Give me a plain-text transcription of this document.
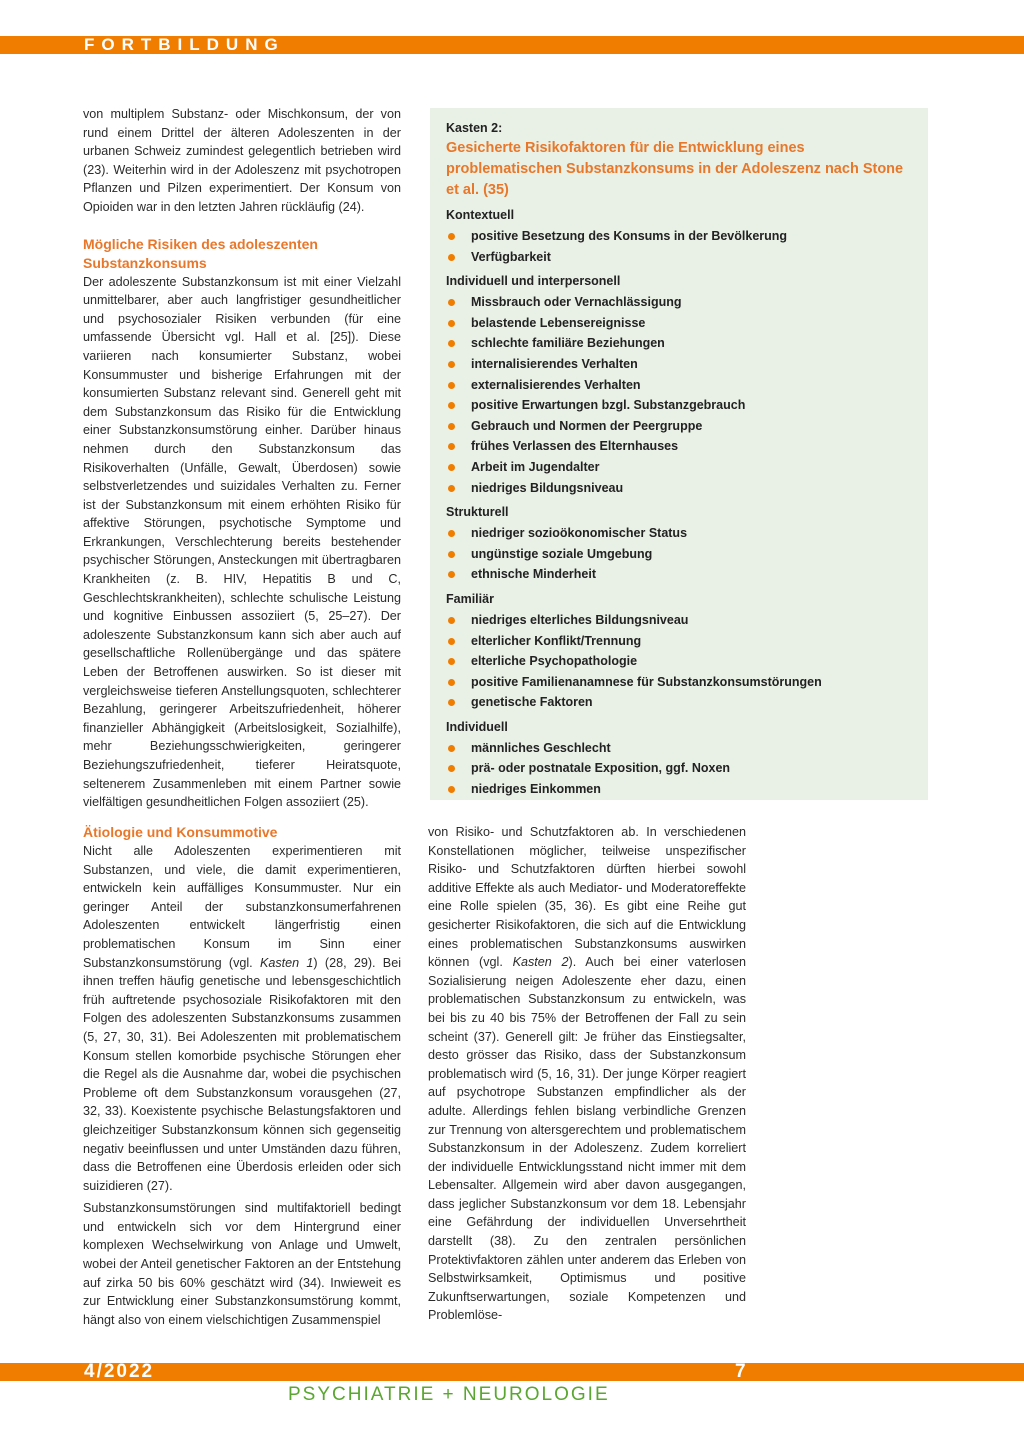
FORTBILDUNG

von multiplem Substanz- oder Mischkonsum, der von rund einem Drittel der älteren Adoleszenten in der urbanen Schweiz zumindest gelegentlich betrieben wird (23). Weiterhin wird in der Adoleszenz mit psychotropen Pflanzen und Pilzen experimentiert. Der Konsum von Opioiden war in den letzten Jahren rückläufig (24).

Mögliche Risiken des adoleszenten Substanzkonsums

Der adoleszente Substanzkonsum ist mit einer Vielzahl unmittelbarer, aber auch langfristiger gesundheitlicher und psychosozialer Risiken verbunden (für eine umfassende Übersicht vgl. Hall et al. [25]). Diese variieren nach konsumierter Substanz, wobei Konsummuster und bisherige Erfahrungen mit der konsumierten Substanz relevant sind. Generell geht mit dem Substanzkonsum das Risiko für die Entwicklung einer Substanzkonsumstörung einher. Darüber hinaus nehmen durch den Substanzkonsum das Risikoverhalten (Unfälle, Gewalt, Überdosen) sowie selbstverletzendes und suizidales Verhalten zu. Ferner ist der Substanzkonsum mit einem erhöhten Risiko für affektive Störungen, psychotische Symptome und Erkrankungen, Verschlechterung bereits bestehender psychischer Störungen, Ansteckungen mit übertragbaren Krankheiten (z. B. HIV, Hepatitis B und C, Geschlechtskrankheiten), schlechte schulische Leistung und kognitive Einbussen assoziiert (5, 25–27). Der adoleszente Substanzkonsum kann sich aber auch auf gesellschaftliche Rollenübergänge und das spätere Leben der Betroffenen auswirken. So ist dieser mit vergleichsweise tieferen Anstellungsquoten, schlechterer Bezahlung, geringerer Arbeitszufriedenheit, höherer finanzieller Abhängigkeit (Arbeitslosigkeit, Sozialhilfe), mehr Beziehungsschwierigkeiten, geringerer Beziehungszufriedenheit, tieferer Heiratsquote, seltenerem Zusammenleben mit einem Partner sowie vielfältigen gesundheitlichen Folgen assoziiert (25).

Kasten 2:
Gesicherte Risikofaktoren für die Entwicklung eines problematischen Substanzkonsums in der Adoleszenz nach Stone et al. (35)
Kontextuell
positive Besetzung des Konsums in der Bevölkerung
Verfügbarkeit
Individuell und interpersonell
Missbrauch oder Vernachlässigung
belastende Lebensereignisse
schlechte familiäre Beziehungen
internalisierendes Verhalten
externalisierendes Verhalten
positive Erwartungen bzgl. Substanzgebrauch
Gebrauch und Normen der Peergruppe
frühes Verlassen des Elternhauses
Arbeit im Jugendalter
niedriges Bildungsniveau
Strukturell
niedriger sozioökonomischer Status
ungünstige soziale Umgebung
ethnische Minderheit
Familiär
niedriges elterliches Bildungsniveau
elterlicher Konflikt/Trennung
elterliche Psychopathologie
positive Familienanamnese für Substanzkonsumstörungen
genetische Faktoren
Individuell
männliches Geschlecht
prä- oder postnatale Exposition, ggf. Noxen
niedriges Einkommen
Ätiologie und Konsummotive

Nicht alle Adoleszenten experimentieren mit Substanzen, und viele, die damit experimentieren, entwickeln kein auffälliges Konsummuster. Nur ein geringer Anteil der substanzkonsumerfahrenen Adoleszenten entwickelt längerfristig einen problematischen Konsum im Sinn einer Substanzkonsumstörung (vgl. Kasten 1) (28, 29). Bei ihnen treffen häufig genetische und lebensgeschichtlich früh auftretende psychosoziale Risikofaktoren mit den Folgen des adoleszenten Substanzkonsums zusammen (5, 27, 30, 31). Bei Adoleszenten mit problematischem Konsum stellen komorbide psychische Störungen eher die Regel als die Ausnahme dar, wobei die psychischen Probleme oft dem Substanzkonsum vorausgehen (27, 32, 33). Koexistente psychische Belastungsfaktoren und gleichzeitiger Substanzkonsum können sich gegenseitig negativ beeinflussen und unter Umständen dazu führen, dass die Betroffenen eine Überdosis erleiden oder sich suizidieren (27).

Substanzkonsumstörungen sind multifaktoriell bedingt und entwickeln sich vor dem Hintergrund einer komplexen Wechselwirkung von Anlage und Umwelt, wobei der Anteil genetischer Faktoren an der Entstehung auf zirka 50 bis 60% geschätzt wird (34). Inwieweit es zur Entwicklung einer Substanzkonsumstörung kommt, hängt also von einem vielschichtigen Zusammenspiel

von Risiko- und Schutzfaktoren ab. In verschiedenen Konstellationen möglicher, teilweise unspezifischer Risiko- und Schutzfaktoren dürften hierbei sowohl additive Effekte als auch Mediator- und Moderatoreffekte eine Rolle spielen (35, 36). Es gibt eine Reihe gut gesicherter Risikofaktoren, die sich auf die Entwicklung eines problematischen Substanzkonsums auswirken können (vgl. Kasten 2). Auch bei einer vaterlosen Sozialisierung neigen Adoleszente eher dazu, einen problematischen Substanzkonsum zu entwickeln, was bei bis zu 40 bis 75% der Betroffenen der Fall zu sein scheint (37). Generell gilt: Je früher das Einstiegsalter, desto grösser das Risiko, dass der Substanzkonsum problematisch wird (5, 16, 31). Der junge Körper reagiert auf psychotrope Substanzen empfindlicher als der adulte. Allerdings fehlen bislang verbindliche Grenzen zur Trennung von altersgerechtem und problematischem Substanzkonsum in der Adoleszenz. Zudem korreliert der individuelle Entwicklungsstand nicht immer mit dem Lebensalter. Allgemein wird aber davon ausgegangen, dass jeglicher Substanzkonsum vor dem 18. Lebensjahr eine Gefährdung der individuellen Unversehrtheit darstellt (38). Zu den zentralen persönlichen Protektivfaktoren zählen unter anderem das Erleben von Selbstwirksamkeit, Optimismus und positive Zukunftserwartungen, soziale Kompetenzen und Problemlöse-

4/2022	7
PSYCHIATRIE + NEUROLOGIE
